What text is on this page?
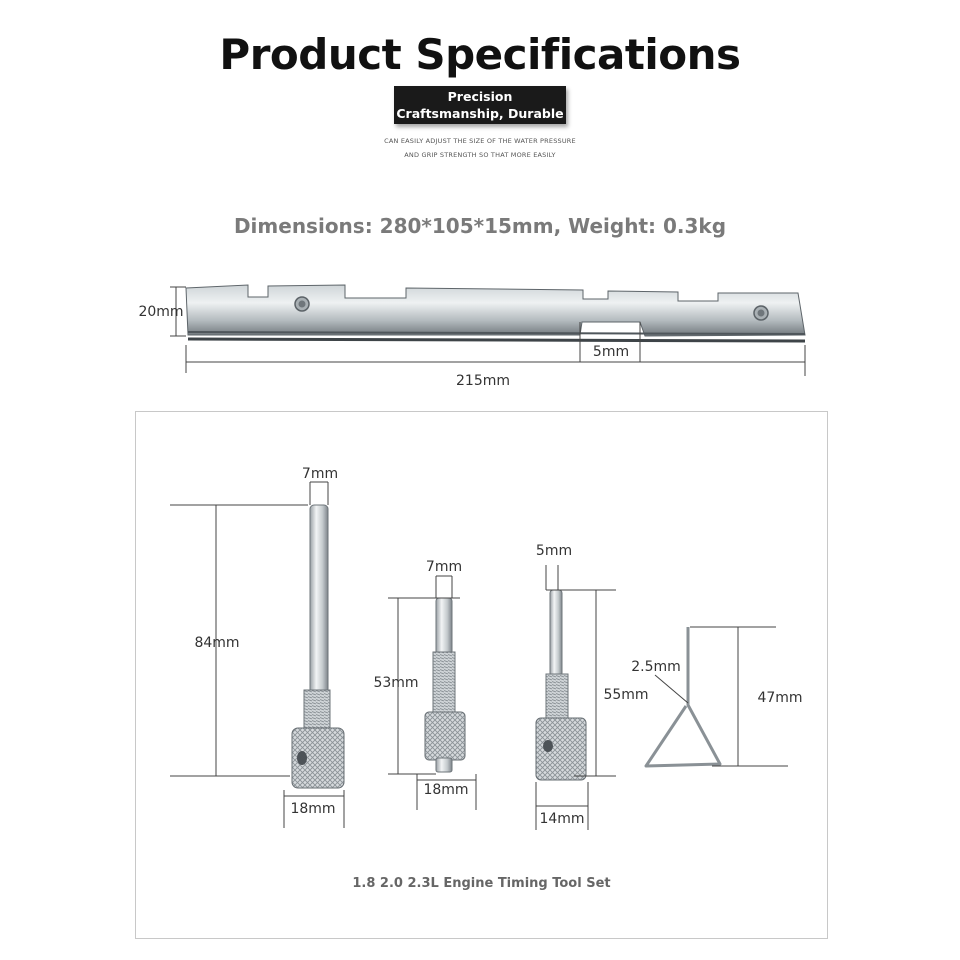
Product Specifications
Precision
Craftsmanship, Durable
CAN EASILY ADJUST THE SIZE OF THE WATER PRESSURE
AND GRIP STRENGTH SO THAT MORE EASILY
Dimensions: 280*105*15mm, Weight: 0.3kg
20mm
5mm
215mm
7mm
84mm
18mm
7mm
53mm
18mm
5mm
55mm
14mm
2.5mm
47mm
1.8 2.0 2.3L Engine Timing Tool Set
